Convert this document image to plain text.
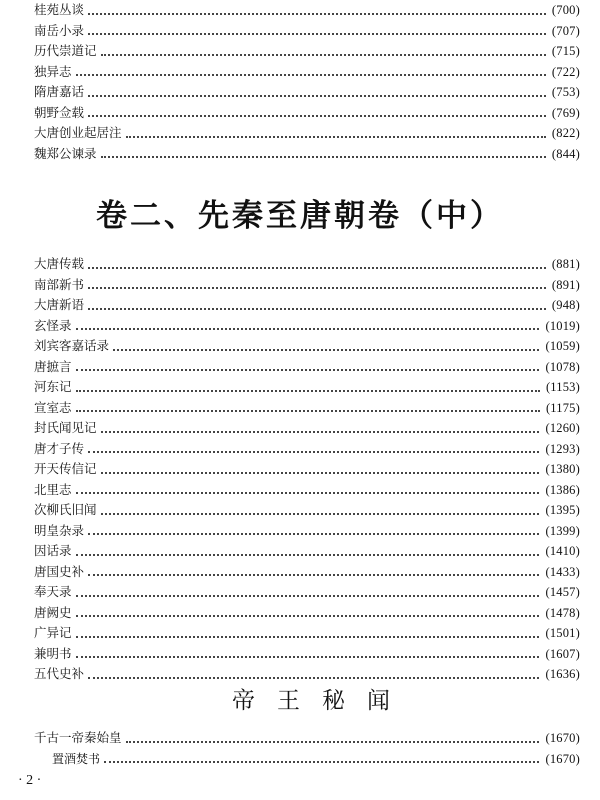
桂苑丛谈	(700)
南岳小录	(707)
历代崇道记	(715)
独异志	(722)
隋唐嘉话	(753)
朝野佥载	(769)
大唐创业起居注	(822)
魏郑公谏录	(844)
卷二、先秦至唐朝卷（中）
大唐传载	(881)
南部新书	(891)
大唐新语	(948)
玄怪录	(1019)
刘宾客嘉话录	(1059)
唐摭言	(1078)
河东记	(1153)
宣室志	(1175)
封氏闻见记	(1260)
唐才子传	(1293)
开天传信记	(1380)
北里志	(1386)
次柳氏旧闻	(1395)
明皇杂录	(1399)
因话录	(1410)
唐国史补	(1433)
奉天录	(1457)
唐阙史	(1478)
广异记	(1501)
兼明书	(1607)
五代史补	(1636)
帝王秘闻
千古一帝秦始皇	(1670)
置酒焚书	(1670)
· 2 ·
